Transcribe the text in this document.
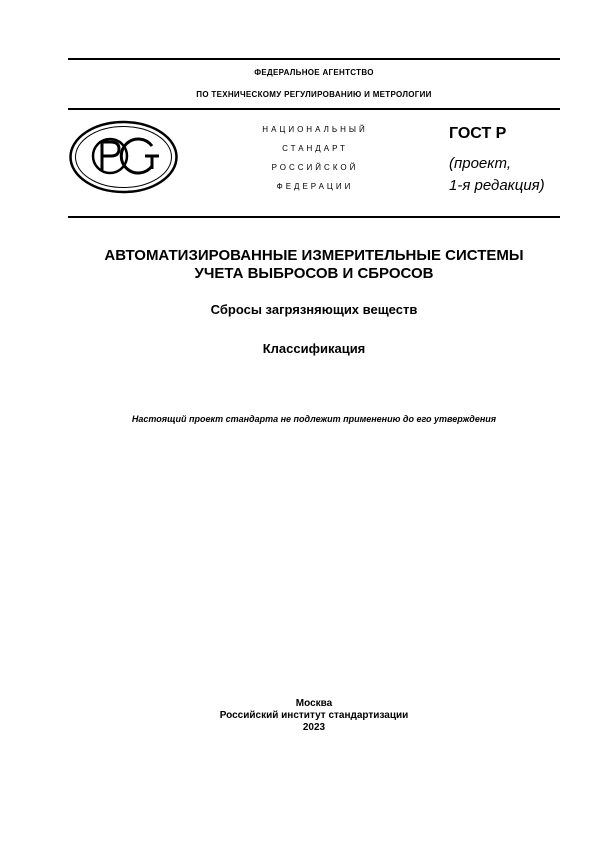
ФЕДЕРАЛЬНОЕ АГЕНТСТВО
ПО ТЕХНИЧЕСКОМУ РЕГУЛИРОВАНИЮ И МЕТРОЛОГИИ
НАЦИОНАЛЬНЫЙ
СТАНДАРТ
РОССИЙСКОЙ
ФЕДЕРАЦИИ
ГОСТ Р
(проект,
1-я редакция)
АВТОМАТИЗИРОВАННЫЕ ИЗМЕРИТЕЛЬНЫЕ СИСТЕМЫ
УЧЕТА ВЫБРОСОВ И СБРОСОВ
Сбросы загрязняющих веществ
Классификация
Настоящий проект стандарта не подлежит применению до его утверждения
Москва
Российский институт стандартизации
2023
